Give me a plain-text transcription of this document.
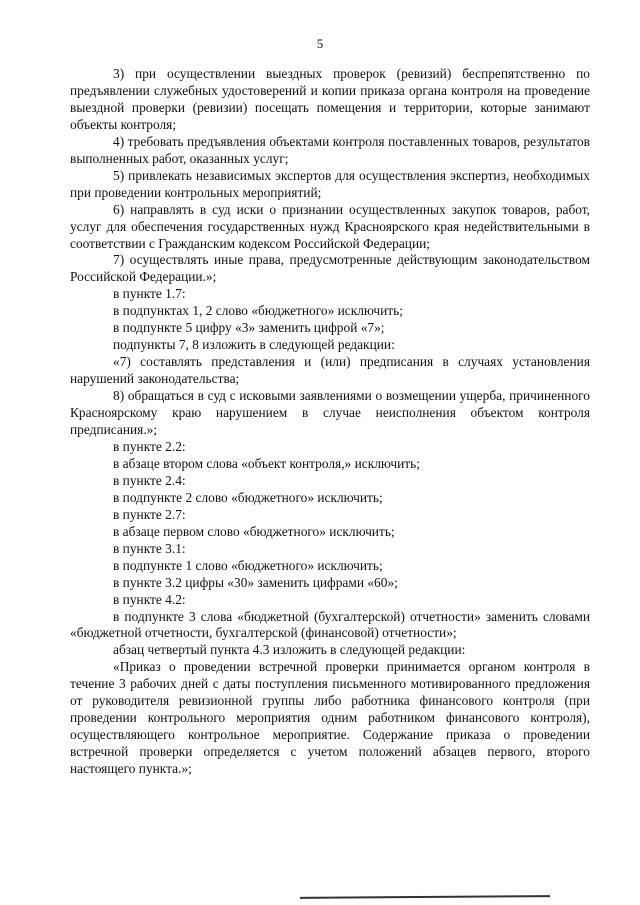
5

3) при осуществлении выездных проверок (ревизий) беспрепятственно по предъявлении служебных удостоверений и копии приказа органа контроля на проведение выездной проверки (ревизии) посещать помещения и территории, которые занимают объекты контроля;

4) требовать предъявления объектами контроля поставленных товаров, результатов выполненных работ, оказанных услуг;

5) привлекать независимых экспертов для осуществления экспертиз, необходимых при проведении контрольных мероприятий;

6) направлять в суд иски о признании осуществленных закупок товаров, работ, услуг для обеспечения государственных нужд Красноярского края недействительными в соответствии с Гражданским кодексом Российской Федерации;

7) осуществлять иные права, предусмотренные действующим законодательством Российской Федерации.»;

в пункте 1.7:

в подпунктах 1, 2 слово «бюджетного» исключить;

в подпункте 5 цифру «3» заменить цифрой «7»;

подпункты 7, 8 изложить в следующей редакции:

«7) составлять представления и (или) предписания в случаях установления нарушений законодательства;

8) обращаться в суд с исковыми заявлениями о возмещении ущерба, причиненного Красноярскому краю нарушением в случае неисполнения объектом контроля предписания.»;

в пункте 2.2:

в абзаце втором слова «объект контроля,» исключить;

в пункте 2.4:

в подпункте 2 слово «бюджетного» исключить;

в пункте 2.7:

в абзаце первом слово «бюджетного» исключить;

в пункте 3.1:

в подпункте 1 слово «бюджетного» исключить;

в пункте 3.2 цифры «30» заменить цифрами «60»;

в пункте 4.2:

в подпункте 3 слова «бюджетной (бухгалтерской) отчетности» заменить словами «бюджетной отчетности, бухгалтерской (финансовой) отчетности»;

абзац четвертый пункта 4.3 изложить в следующей редакции:

«Приказ о проведении встречной проверки принимается органом контроля в течение 3 рабочих дней с даты поступления письменного мотивированного предложения от руководителя ревизионной группы либо работника финансового контроля (при проведении контрольного мероприятия одним работником финансового контроля), осуществляющего контрольное мероприятие. Содержание приказа о проведении встречной проверки определяется с учетом положений абзацев первого, второго настоящего пункта.»;
